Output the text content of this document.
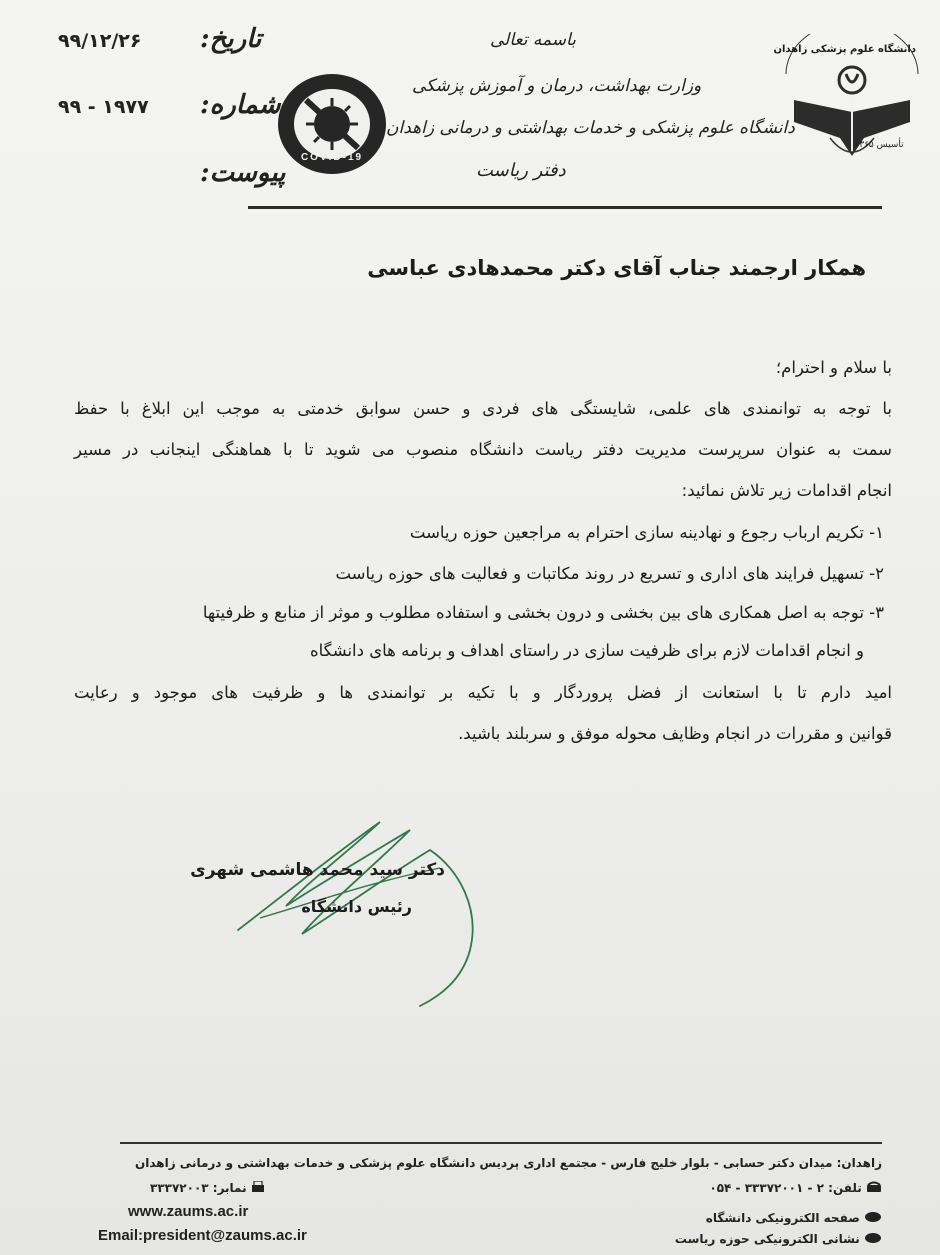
۹۹/۱۲/۲۶ تاریخ:
۹۹ - ۱۹۷۷ شماره:
پیوست:
COVID-19
باسمه تعالی
وزارت بهداشت، درمان و آموزش پزشکی
دانشگاه علوم پزشکی و خدمات بهداشتی و درمانی زاهدان
دفتر ریاست
دانشگاه علوم پزشکی زاهدان
تأسیس ۱۳۶۵
همکار ارجمند جناب آقای دکتر محمدهادی عباسی
با سلام و احترام؛
با توجه به توانمندی های علمی، شایستگی های فردی و حسن سوابق خدمتی به موجب این ابلاغ با حفظ
سمت به عنوان سرپرست مدیریت دفتر ریاست دانشگاه منصوب می شوید تا با هماهنگی اینجانب در مسیر
انجام اقدامات زیر تلاش نمائید:
۱- تکریم ارباب رجوع و نهادینه سازی احترام به مراجعین حوزه ریاست
۲- تسهیل فرایند های اداری و تسریع در روند مکاتبات و فعالیت های حوزه ریاست
۳- توجه به اصل همکاری های بین بخشی و درون بخشی و استفاده مطلوب و موثر از منابع و ظرفیتها
و انجام اقدامات لازم برای ظرفیت سازی در راستای اهداف و برنامه های دانشگاه
امید دارم تا با استعانت از فضل پروردگار و با تکیه بر توانمندی ها و ظرفیت های موجود و رعایت
قوانین و مقررات در انجام وظایف محوله موفق و سربلند باشید.
دکتر سید محمد هاشمی شهری
رئیس دانشگاه
زاهدان: میدان دکتر حسابی - بلوار خلیج فارس - مجتمع اداری پردیس دانشگاه علوم پزشکی و خدمات بهداشتی و درمانی زاهدان
تلفن: ۲ - ۳۳۳۷۲۰۰۱ - ۰۵۴
نمابر: ۳۳۳۷۲۰۰۳
www.zaums.ac.ir
Email:president@zaums.ac.ir
صفحه الکترونیکی دانشگاه
نشانی الکترونیکی حوزه ریاست
